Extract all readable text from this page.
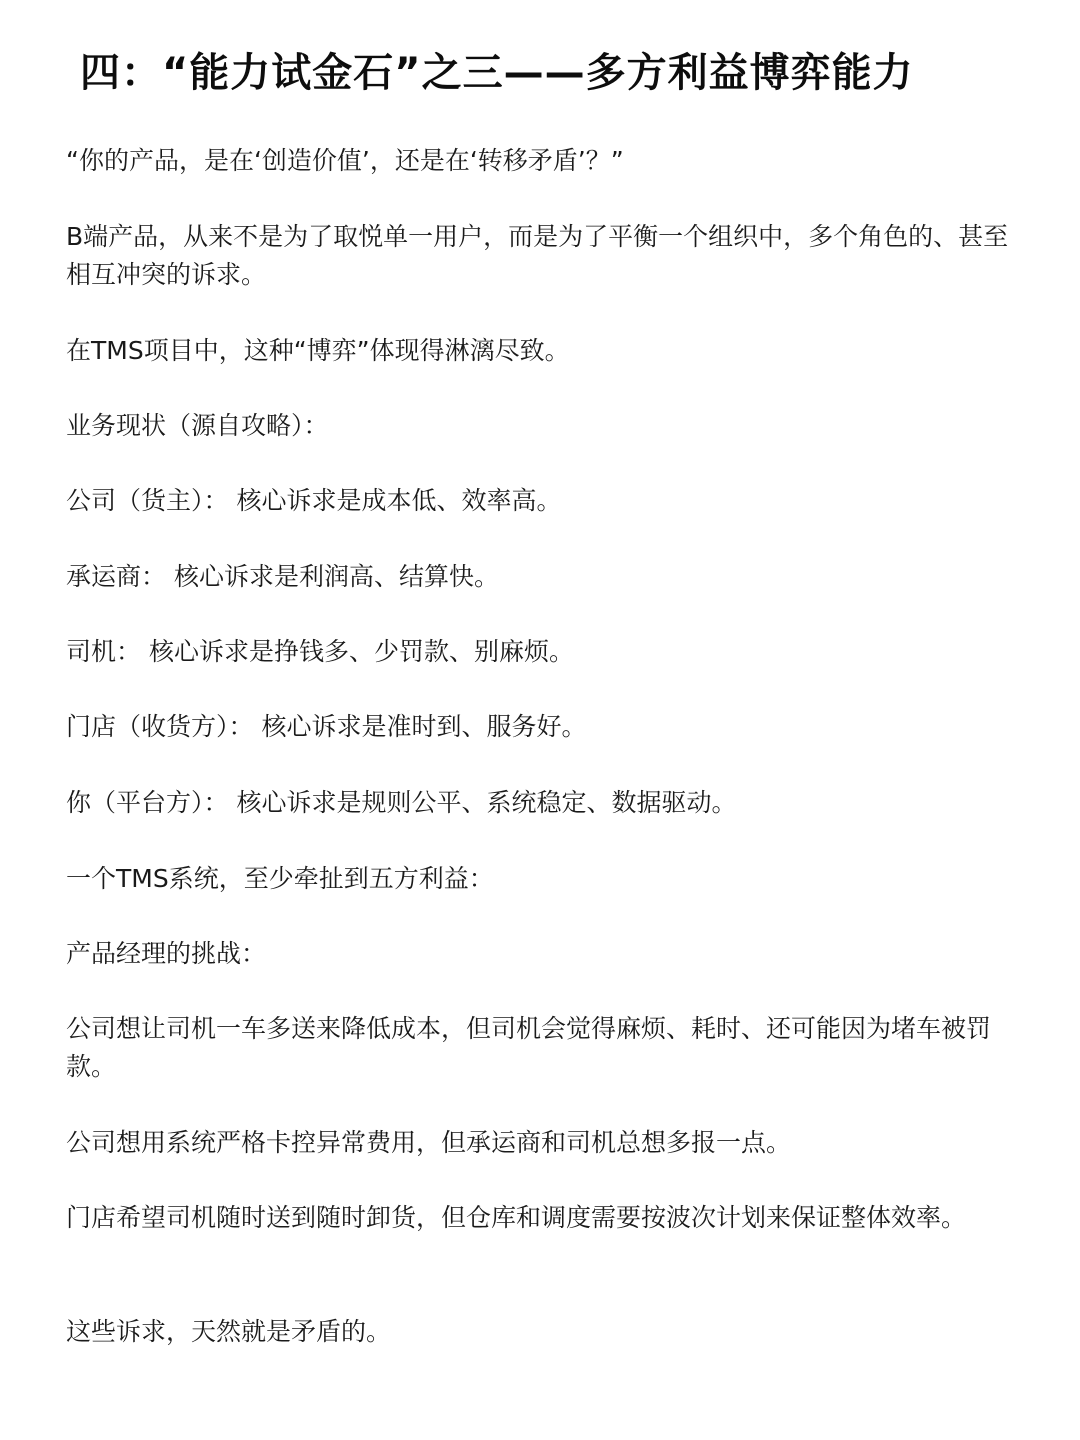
四：“能力试金石”之三——多方利益博弈能力

“你的产品，是在‘创造价值’，还是在‘转移矛盾’？”

B端产品，从来不是为了取悦单一用户，而是为了平衡一个组织中，多个角色的、甚至相互冲突的诉求。

在TMS项目中，这种“博弈”体现得淋漓尽致。

业务现状（源自攻略）：

公司（货主）： 核心诉求是成本低、效率高。

承运商： 核心诉求是利润高、结算快。

司机： 核心诉求是挣钱多、少罚款、别麻烦。

门店（收货方）： 核心诉求是准时到、服务好。

你（平台方）： 核心诉求是规则公平、系统稳定、数据驱动。

一个TMS系统，至少牵扯到五方利益：

产品经理的挑战：

公司想让司机一车多送来降低成本，但司机会觉得麻烦、耗时、还可能因为堵车被罚款。

公司想用系统严格卡控异常费用，但承运商和司机总想多报一点。

门店希望司机随时送到随时卸货，但仓库和调度需要按波次计划来保证整体效率。

这些诉求，天然就是矛盾的。
